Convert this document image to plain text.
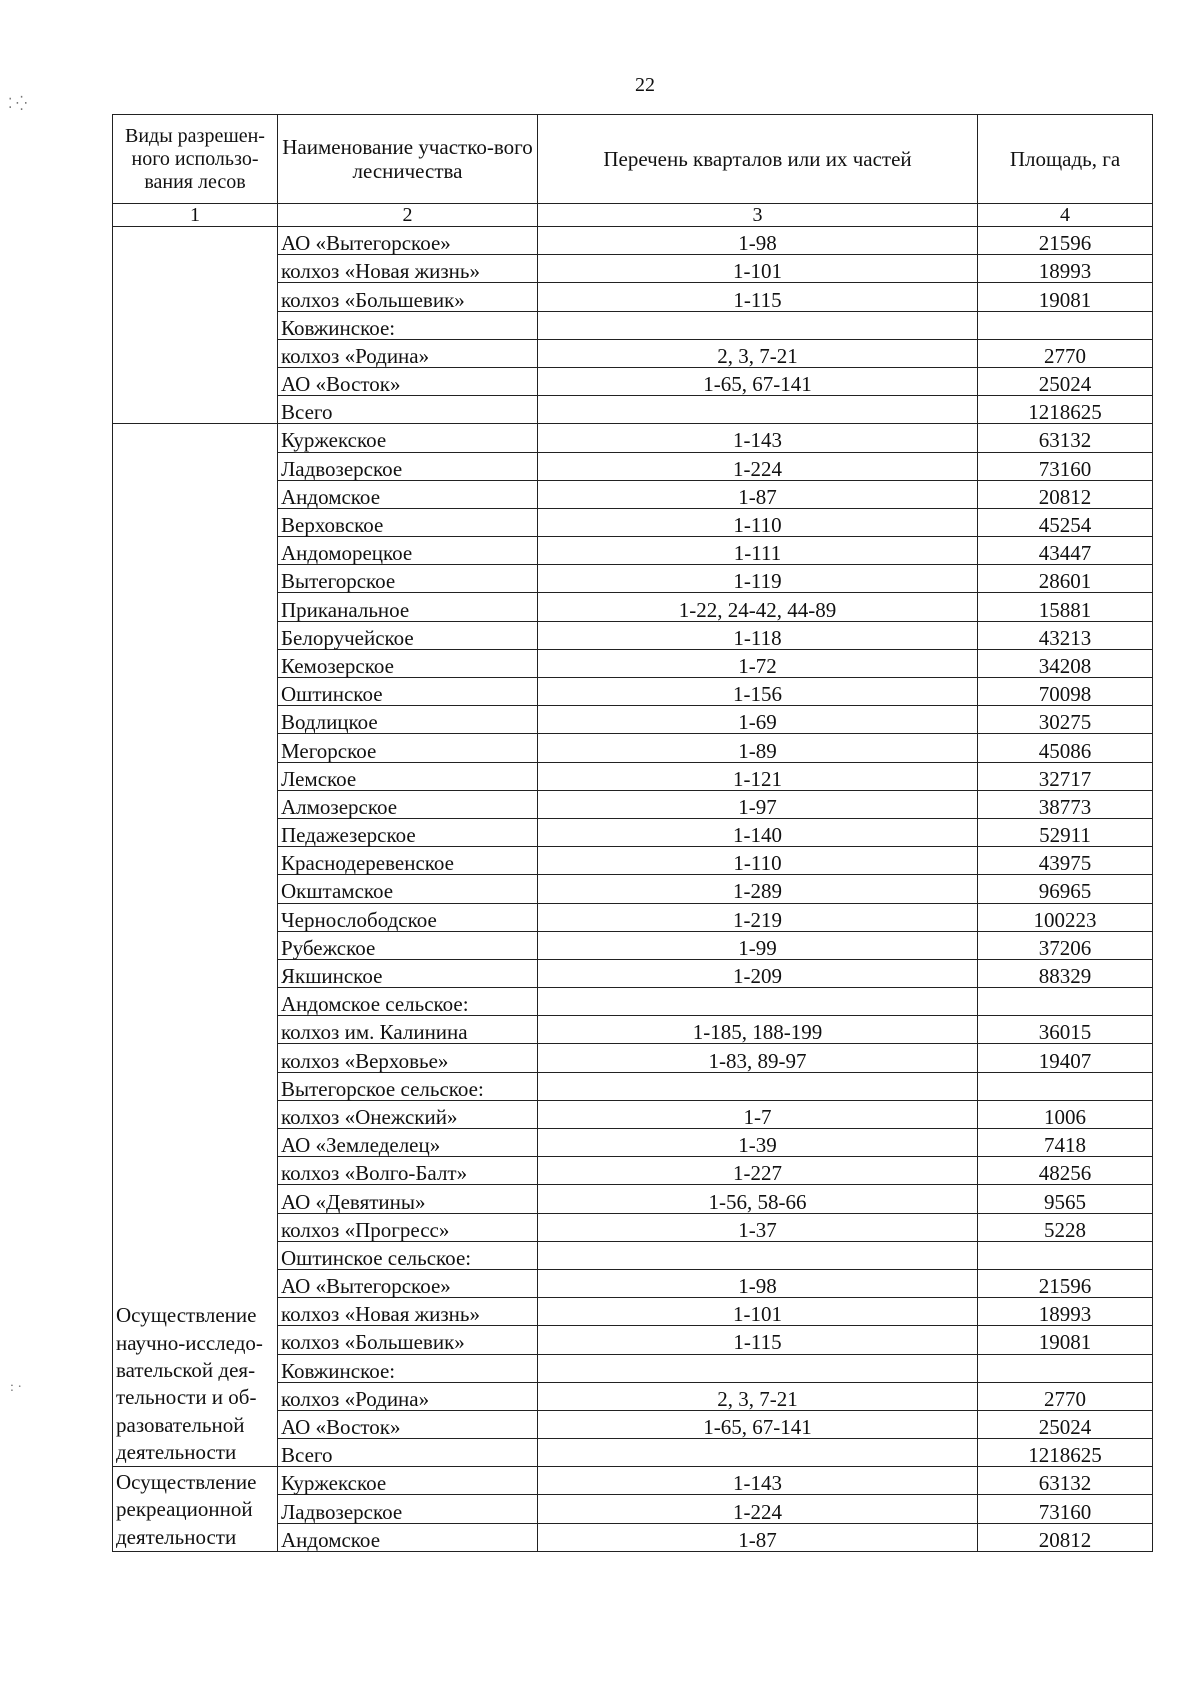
22
⁚ ⁛
: ·
Виды разрешен-ного использо-вания лесов	Наименование участко-вого лесничества	Перечень кварталов или их частей	Площадь, га
1	2	3	4
	АО «Вытегорское»	1-98	21596
	колхоз «Новая жизнь»	1-101	18993
	колхоз «Большевик»	1-115	19081
	Ковжинское:		
	колхоз «Родина»	2, 3, 7-21	2770
	АО «Восток»	1-65, 67-141	25024
	Всего		1218625
Осуществление научно-исследо-вательской дея-тельности и об-разовательной деятельности	Куржекское	1-143	63132
	Ладвозерское	1-224	73160
	Андомское	1-87	20812
	Верховское	1-110	45254
	Андоморецкое	1-111	43447
	Вытегорское	1-119	28601
	Приканальное	1-22, 24-42, 44-89	15881
	Белоручейское	1-118	43213
	Кемозерское	1-72	34208
	Оштинское	1-156	70098
	Водлицкое	1-69	30275
	Мегорское	1-89	45086
	Лемское	1-121	32717
	Алмозерское	1-97	38773
	Педажезерское	1-140	52911
	Краснодеревенское	1-110	43975
	Окштамское	1-289	96965
	Чернослободское	1-219	100223
	Рубежское	1-99	37206
	Якшинское	1-209	88329
	Андомское сельское:		
	колхоз им. Калинина	1-185, 188-199	36015
	колхоз «Верховье»	1-83, 89-97	19407
	Вытегорское сельское:		
	колхоз «Онежский»	1-7	1006
	АО «Земледелец»	1-39	7418
	колхоз «Волго-Балт»	1-227	48256
	АО «Девятины»	1-56, 58-66	9565
	колхоз «Прогресс»	1-37	5228
	Оштинское сельское:		
	АО «Вытегорское»	1-98	21596
	колхоз «Новая жизнь»	1-101	18993
	колхоз «Большевик»	1-115	19081
	Ковжинское:		
	колхоз «Родина»	2, 3, 7-21	2770
	АО «Восток»	1-65, 67-141	25024
	Всего		1218625
Осуществление рекреационной деятельности	Куржекское	1-143	63132
	Ладвозерское	1-224	73160
	Андомское	1-87	20812
